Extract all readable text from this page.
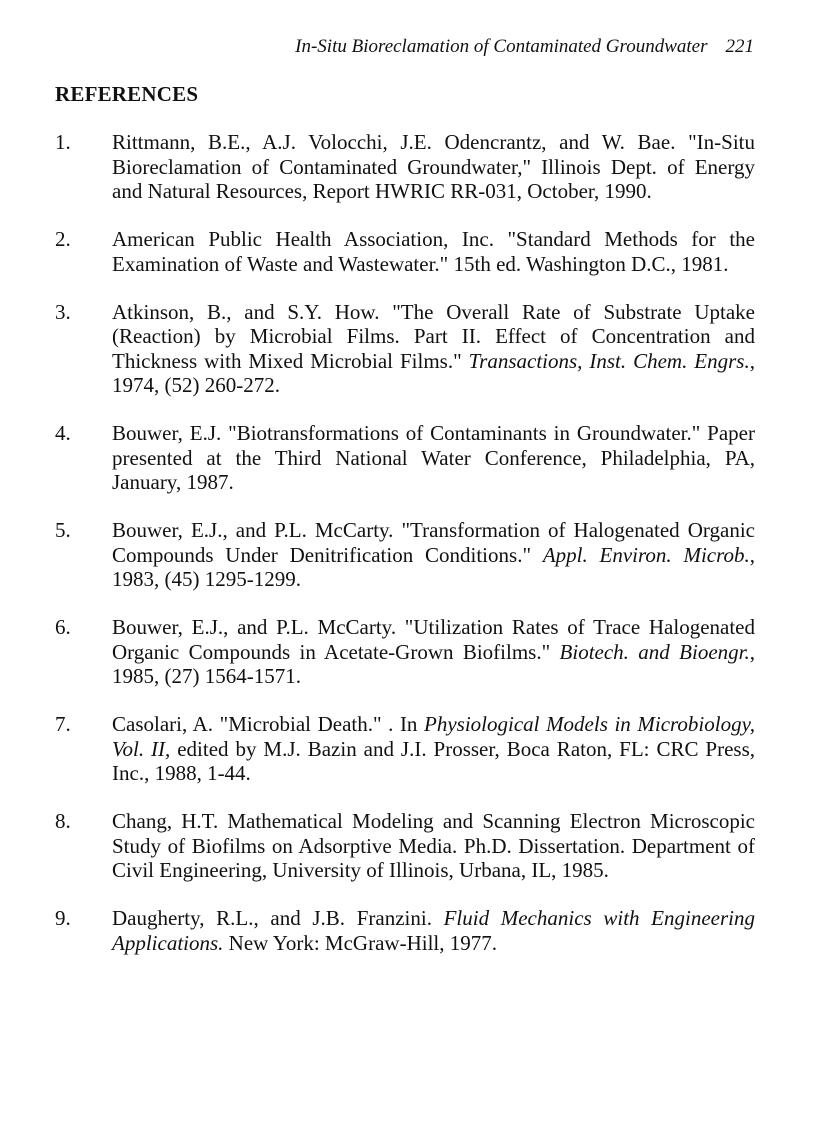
In-Situ Bioreclamation of Contaminated Groundwater 221
REFERENCES
1. Rittmann, B.E., A.J. Volocchi, J.E. Odencrantz, and W. Bae. "In-Situ Bioreclamation of Contaminated Groundwater," Illinois Dept. of Energy and Natural Resources, Report HWRIC RR-031, October, 1990.
2. American Public Health Association, Inc. "Standard Methods for the Examination of Waste and Wastewater." 15th ed. Washington D.C., 1981.
3. Atkinson, B., and S.Y. How. "The Overall Rate of Substrate Uptake (Reaction) by Microbial Films. Part II. Effect of Concentration and Thickness with Mixed Microbial Films." Transactions, Inst. Chem. Engrs., 1974, (52) 260-272.
4. Bouwer, E.J. "Biotransformations of Contaminants in Groundwater." Paper presented at the Third National Water Conference, Philadelphia, PA, January, 1987.
5. Bouwer, E.J., and P.L. McCarty. "Transformation of Halogenated Organic Compounds Under Denitrification Conditions." Appl. Environ. Microb., 1983, (45) 1295-1299.
6. Bouwer, E.J., and P.L. McCarty. "Utilization Rates of Trace Halogenated Organic Compounds in Acetate-Grown Biofilms." Biotech. and Bioengr., 1985, (27) 1564-1571.
7. Casolari, A. "Microbial Death." . In Physiological Models in Microbiology, Vol. II, edited by M.J. Bazin and J.I. Prosser, Boca Raton, FL: CRC Press, Inc., 1988, 1-44.
8. Chang, H.T. Mathematical Modeling and Scanning Electron Microscopic Study of Biofilms on Adsorptive Media. Ph.D. Dissertation. Department of Civil Engineering, University of Illinois, Urbana, IL, 1985.
9. Daugherty, R.L., and J.B. Franzini. Fluid Mechanics with Engineering Applications. New York: McGraw-Hill, 1977.
